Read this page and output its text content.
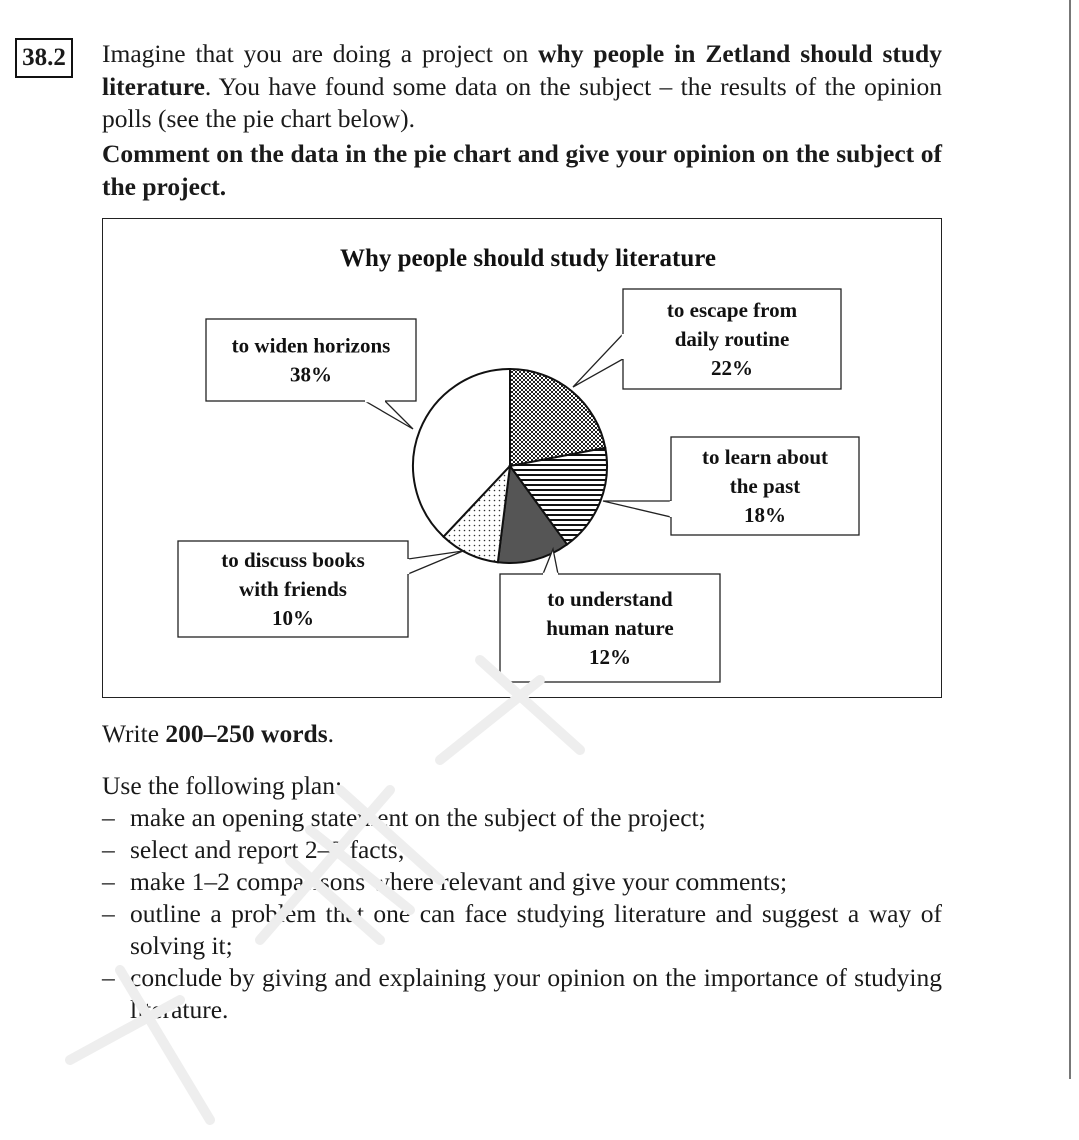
38.2 Imagine that you are doing a project on why people in Zetland should study literature. You have found some data on the subject – the results of the opinion polls (see the pie chart below).

Comment on the data in the pie chart and give your opinion on the subject of the project.

Why people should study literature
to widen horizons
38%
to escape from
daily routine
22%
to learn about
the past
18%
to understand
human nature
12%
to discuss books
with friends
10%

Write 200–250 words.

Use the following plan:

– make an opening statement on the subject of the project;
– select and report 2–3 facts;
– make 1–2 comparisons where relevant and give your comments;
– outline a problem that one can face studying literature and suggest a way of solving it;
– conclude by giving and explaining your opinion on the importance of studying literature.
